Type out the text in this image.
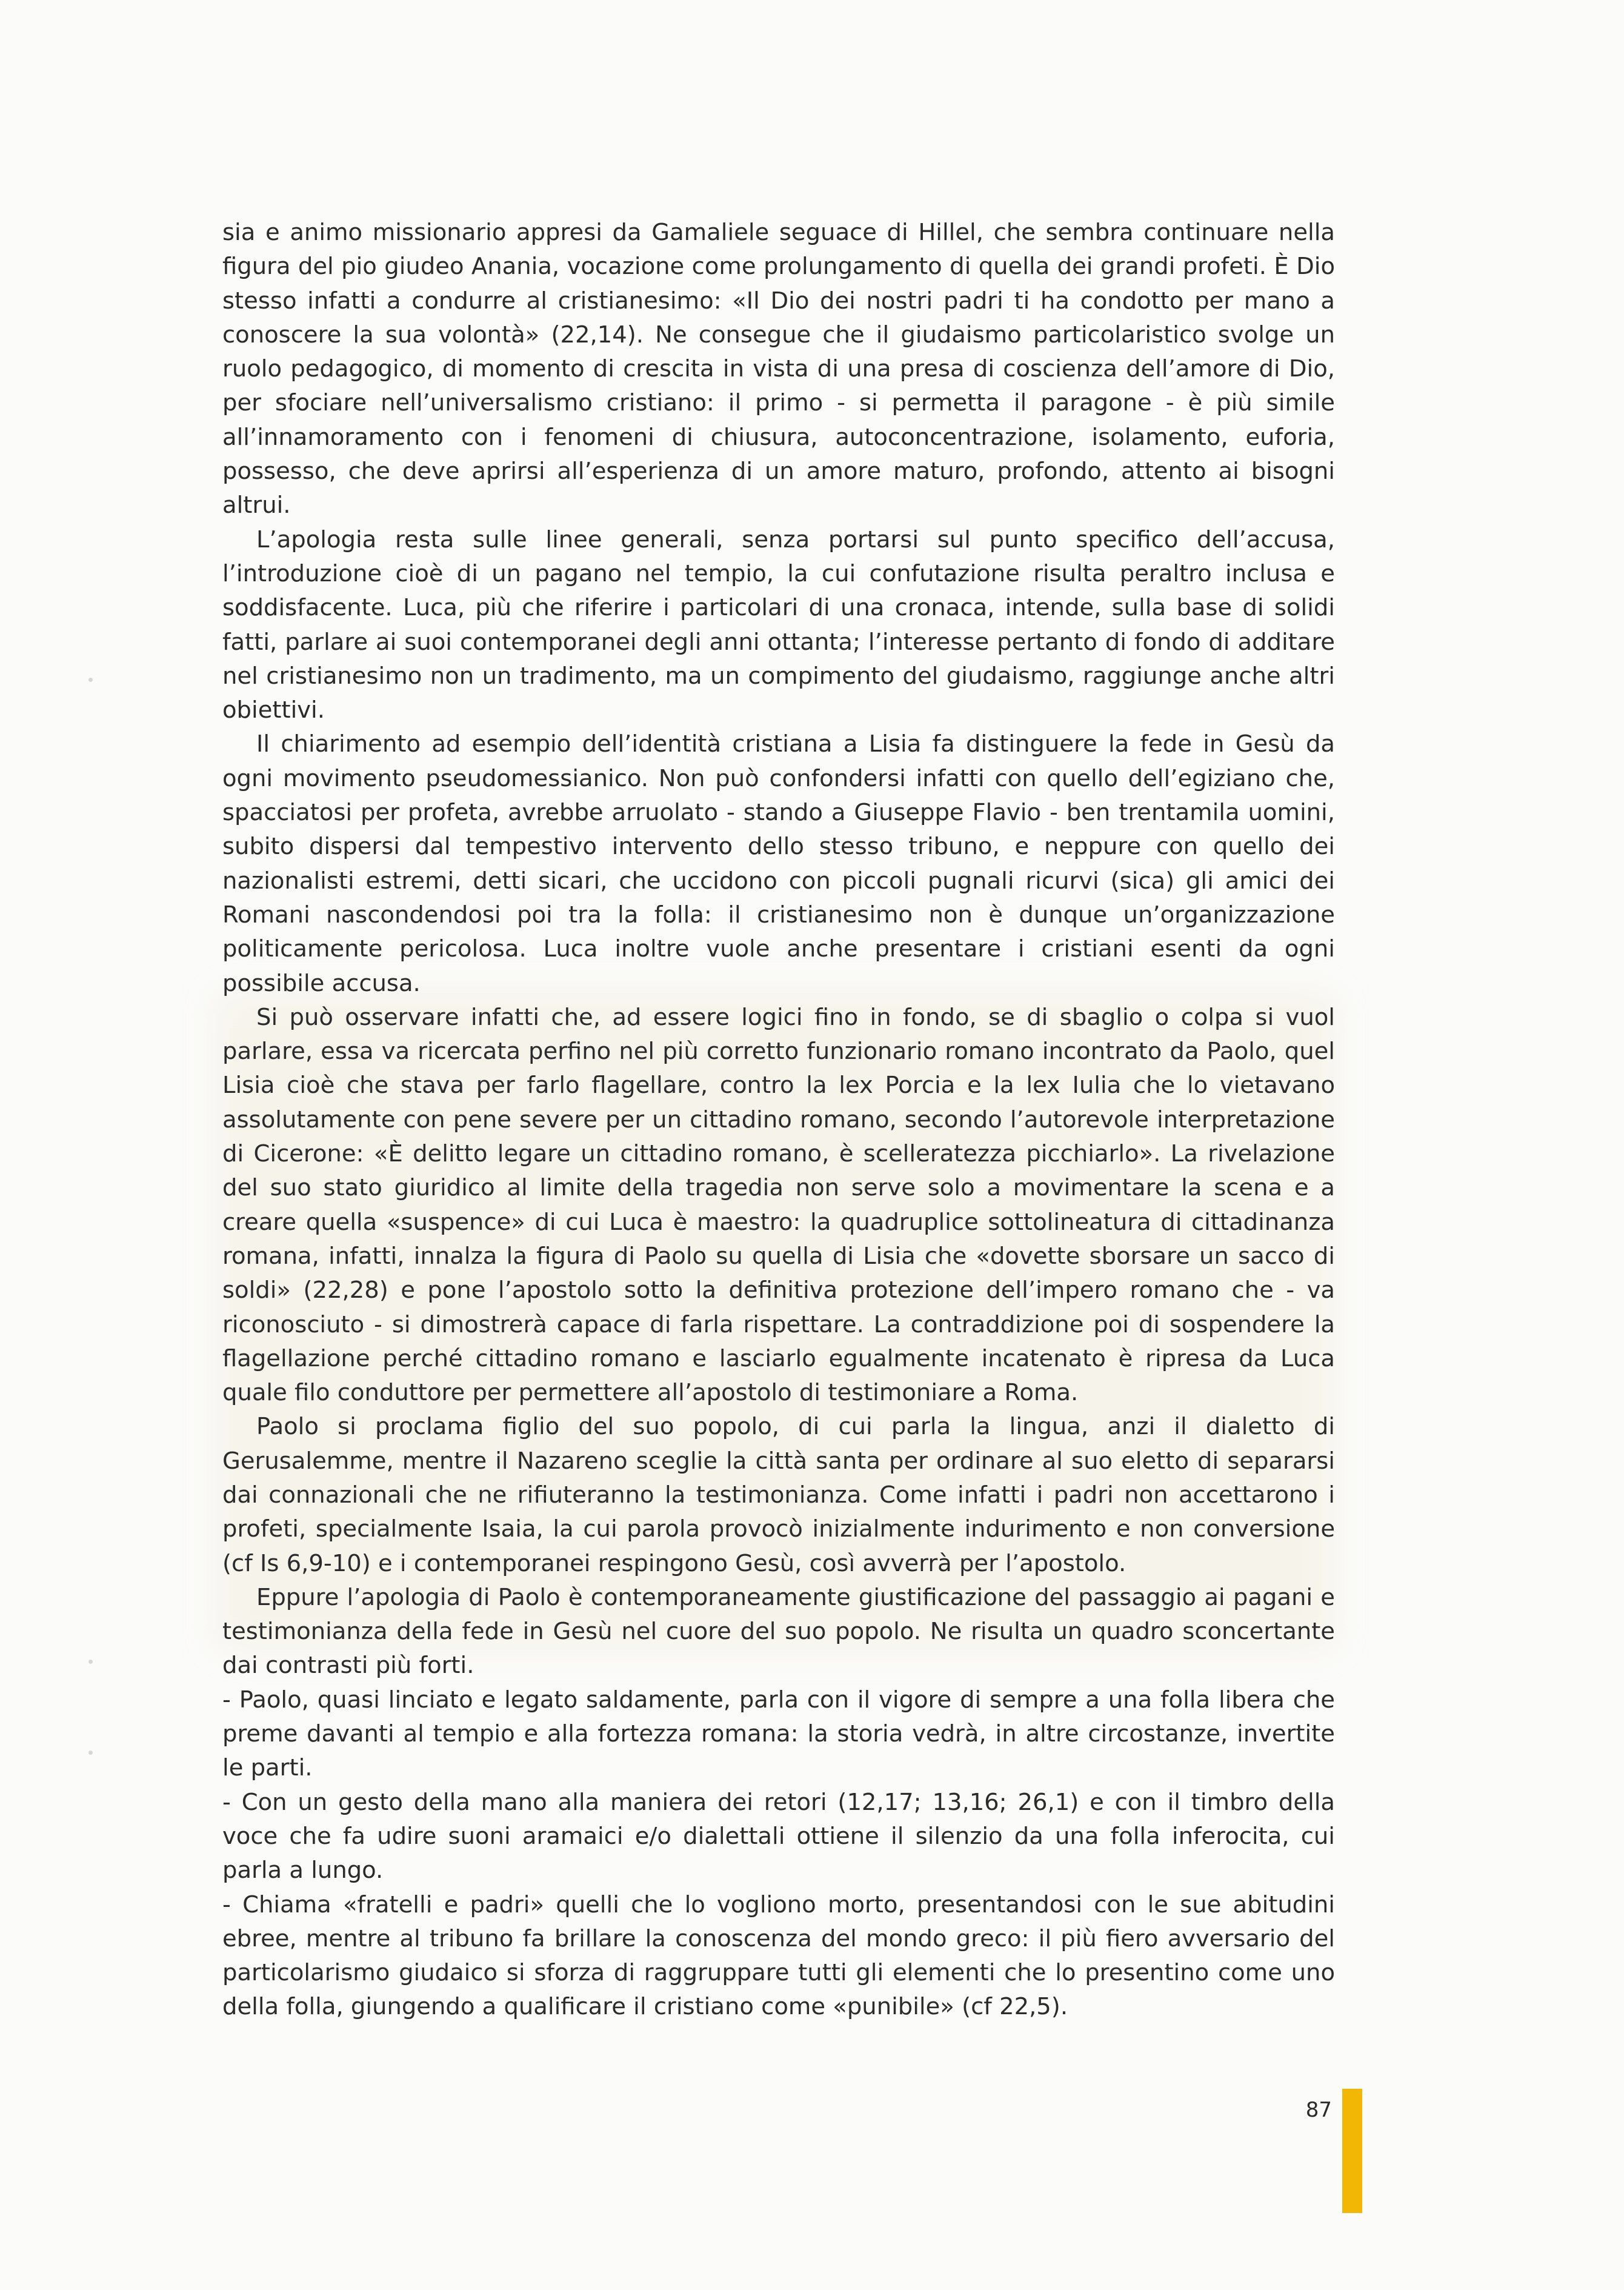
sia e animo missionario appresi da Gamaliele seguace di Hillel, che sembra continuare nella figura del pio giudeo Anania, vocazione come prolungamento di quella dei grandi profeti. È Dio stesso infatti a condurre al cristianesimo: «Il Dio dei nostri padri ti ha condotto per mano a conoscere la sua volontà» (22,14). Ne consegue che il giudaismo particolaristico svolge un ruolo pedagogico, di momento di crescita in vista di una presa di coscienza dell’amore di Dio, per sfociare nell’universalismo cristiano: il primo - si permetta il paragone - è più simile all’innamoramento con i fenomeni di chiusura, autoconcentrazione, isolamento, euforia, possesso, che deve aprirsi all’esperienza di un amore maturo, profondo, attento ai bisogni altrui.

L’apologia resta sulle linee generali, senza portarsi sul punto specifico dell’accusa, l’introduzione cioè di un pagano nel tempio, la cui confutazione risulta peraltro inclusa e soddisfacente. Luca, più che riferire i particolari di una cronaca, intende, sulla base di solidi fatti, parlare ai suoi contemporanei degli anni ottanta; l’interesse pertanto di fondo di additare nel cristianesimo non un tradimento, ma un compimento del giudaismo, raggiunge anche altri obiettivi.

Il chiarimento ad esempio dell’identità cristiana a Lisia fa distinguere la fede in Gesù da ogni movimento pseudomessianico. Non può confondersi infatti con quello dell’egiziano che, spacciatosi per profeta, avrebbe arruolato - stando a Giuseppe Flavio - ben trentamila uomini, subito dispersi dal tempestivo intervento dello stesso tribuno, e neppure con quello dei nazionalisti estremi, detti sicari, che uccidono con piccoli pugnali ricurvi (sica) gli amici dei Romani nascondendosi poi tra la folla: il cristianesimo non è dunque un’organizzazione politicamente pericolosa. Luca inoltre vuole anche presentare i cristiani esenti da ogni possibile accusa.

Si può osservare infatti che, ad essere logici fino in fondo, se di sbaglio o colpa si vuol parlare, essa va ricercata perfino nel più corretto funzionario romano incontrato da Paolo, quel Lisia cioè che stava per farlo flagellare, contro la lex Porcia e la lex Iulia che lo vietavano assolutamente con pene severe per un cittadino romano, secondo l’autorevole interpretazione di Cicerone: «È delitto legare un cittadino romano, è scelleratezza picchiarlo». La rivelazione del suo stato giuridico al limite della tragedia non serve solo a movimentare la scena e a creare quella «suspence» di cui Luca è maestro: la quadruplice sottolineatura di cittadinanza romana, infatti, innalza la figura di Paolo su quella di Lisia che «dovette sborsare un sacco di soldi» (22,28) e pone l’apostolo sotto la definitiva protezione dell’impero romano che - va riconosciuto - si dimostrerà capace di farla rispettare. La contraddizione poi di sospendere la flagellazione perché cittadino romano e lasciarlo egualmente incatenato è ripresa da Luca quale filo conduttore per permettere all’apostolo di testimoniare a Roma.

Paolo si proclama figlio del suo popolo, di cui parla la lingua, anzi il dialetto di Gerusalemme, mentre il Nazareno sceglie la città santa per ordinare al suo eletto di separarsi dai connazionali che ne rifiuteranno la testimonianza. Come infatti i padri non accettarono i profeti, specialmente Isaia, la cui parola provocò inizialmente indurimento e non conversione (cf Is 6,9-10) e i contemporanei respingono Gesù, così avverrà per l’apostolo.

Eppure l’apologia di Paolo è contemporaneamente giustificazione del passaggio ai pagani e testimonianza della fede in Gesù nel cuore del suo popolo. Ne risulta un quadro sconcertante dai contrasti più forti.

- Paolo, quasi linciato e legato saldamente, parla con il vigore di sempre a una folla libera che preme davanti al tempio e alla fortezza romana: la storia vedrà, in altre circostanze, invertite le parti.

- Con un gesto della mano alla maniera dei retori (12,17; 13,16; 26,1) e con il timbro della voce che fa udire suoni aramaici e/o dialettali ottiene il silenzio da una folla inferocita, cui parla a lungo.

- Chiama «fratelli e padri» quelli che lo vogliono morto, presentandosi con le sue abitudini ebree, mentre al tribuno fa brillare la conoscenza del mondo greco: il più fiero avversario del particolarismo giudaico si sforza di raggruppare tutti gli elementi che lo presentino come uno della folla, giungendo a qualificare il cristiano come «punibile» (cf 22,5).

87
